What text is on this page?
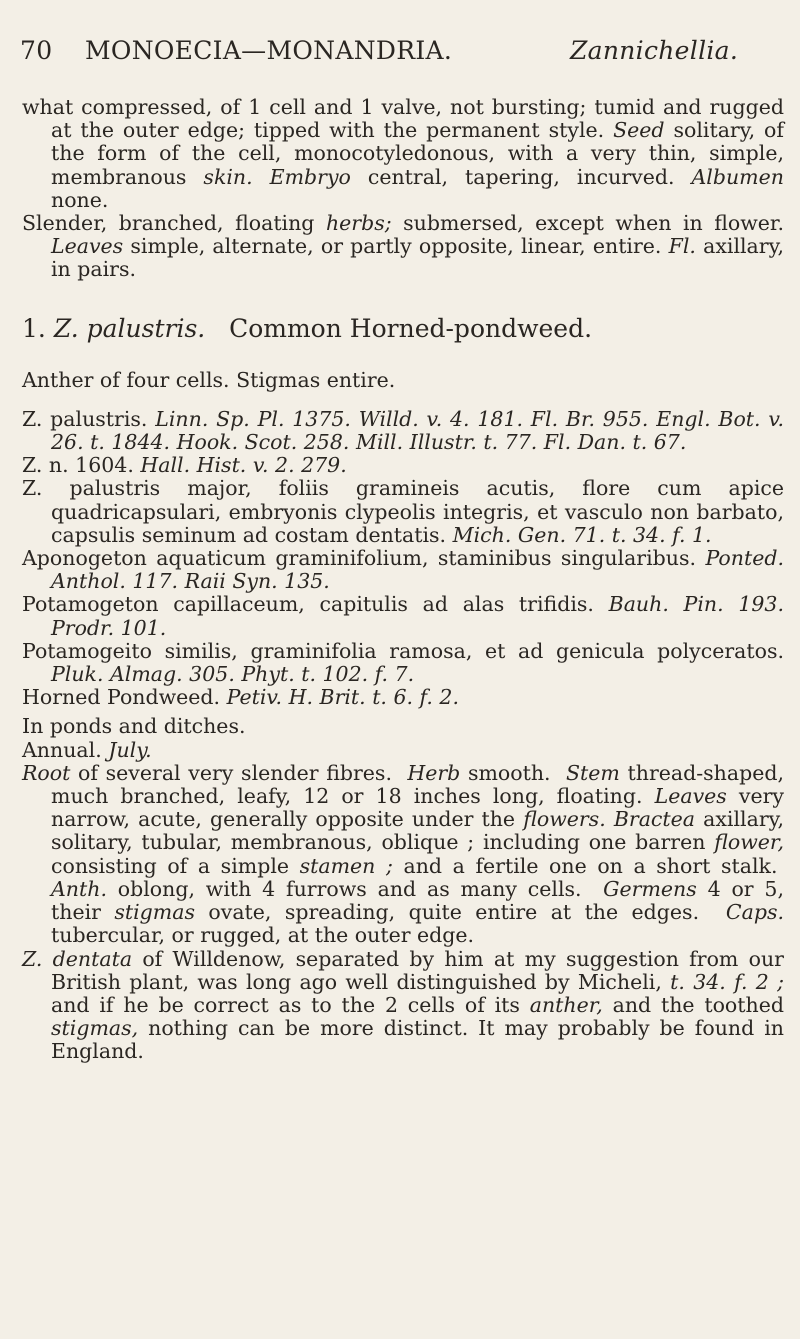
70 MONOECIA—MONANDRIA.	Zannichellia.

what compressed, of 1 cell and 1 valve, not bursting; tumid and rugged at the outer edge; tipped with the permanent style. Seed solitary, of the form of the cell, monocotyledonous, with a very thin, simple, membranous skin. Embryo central, tapering, incurved. Albumen none.

Slender, branched, floating herbs; submersed, except when in flower. Leaves simple, alternate, or partly opposite, linear, entire. Fl. axillary, in pairs.

1. Z. palustris. Common Horned-pondweed.

Anther of four cells. Stigmas entire.

Z. palustris. Linn. Sp. Pl. 1375. Willd. v. 4. 181. Fl. Br. 955. Engl. Bot. v. 26. t. 1844. Hook. Scot. 258. Mill. Illustr. t. 77. Fl. Dan. t. 67.

Z. n. 1604. Hall. Hist. v. 2. 279.

Z. palustris major, foliis gramineis acutis, flore cum apice quadricapsulari, embryonis clypeolis integris, et vasculo non barbato, capsulis seminum ad costam dentatis. Mich. Gen. 71. t. 34. f. 1.

Aponogeton aquaticum graminifolium, staminibus singularibus. Ponted. Anthol. 117. Raii Syn. 135.

Potamogeton capillaceum, capitulis ad alas trifidis. Bauh. Pin. 193. Prodr. 101.

Potamogeito similis, graminifolia ramosa, et ad genicula polyceratos. Pluk. Almag. 305. Phyt. t. 102. f. 7.

Horned Pondweed. Petiv. H. Brit. t. 6. f. 2.

In ponds and ditches.

Annual. July.

Root of several very slender fibres. Herb smooth. Stem thread-shaped, much branched, leafy, 12 or 18 inches long, floating. Leaves very narrow, acute, generally opposite under the flowers. Bractea axillary, solitary, tubular, membranous, oblique ; including one barren flower, consisting of a simple stamen ; and a fertile one on a short stalk.  Anth. oblong, with 4 furrows and as many cells. Germens 4 or 5, their stigmas ovate, spreading, quite entire at the edges. Caps. tubercular, or rugged, at the outer edge.

Z. dentata of Willdenow, separated by him at my suggestion from our British plant, was long ago well distinguished by Micheli, t. 34. f. 2 ; and if he be correct as to the 2 cells of its anther, and the toothed stigmas, nothing can be more distinct. It may probably be found in England.
